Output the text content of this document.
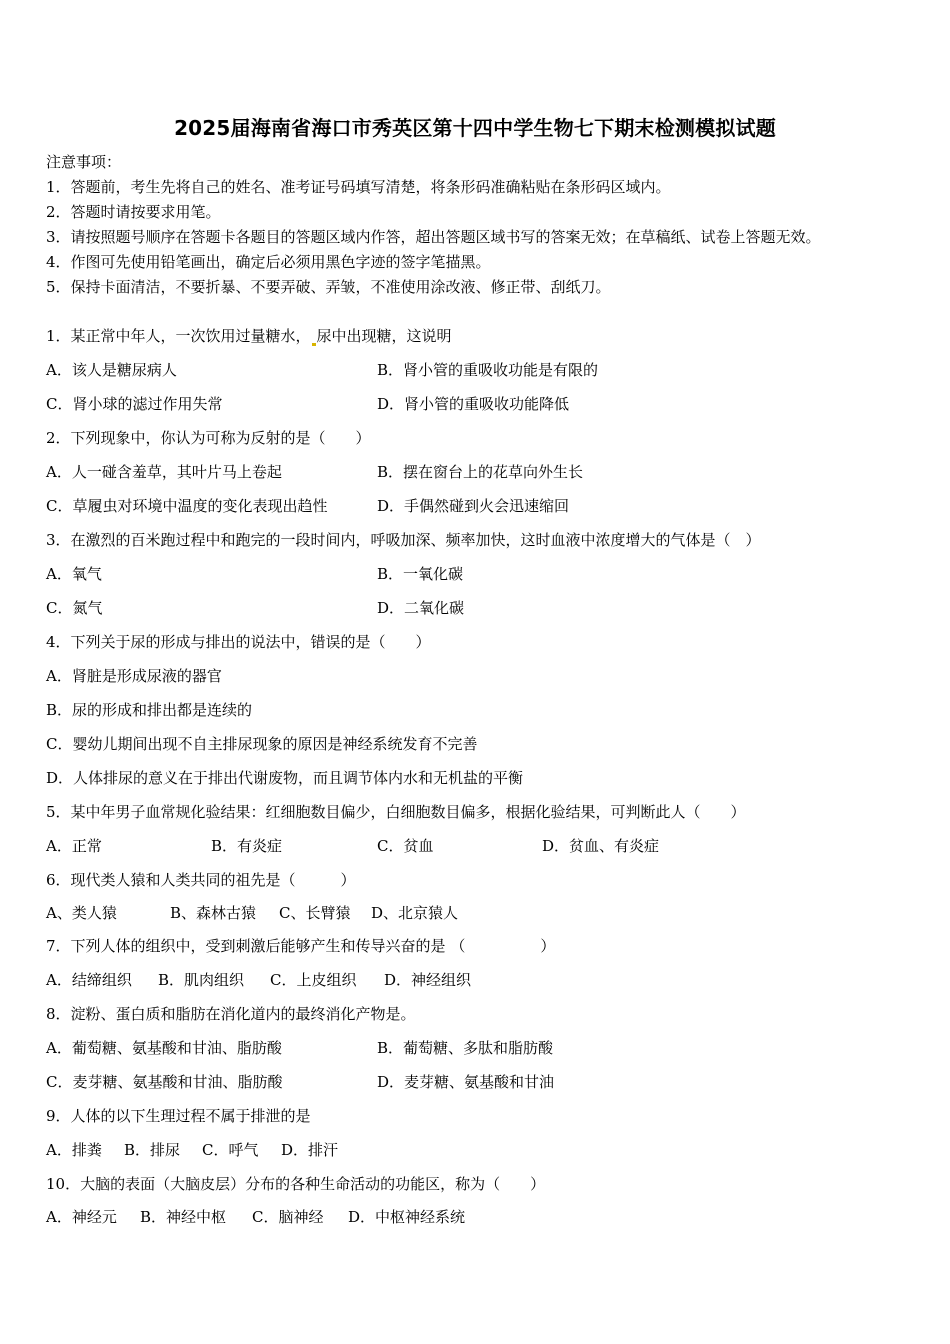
2025届海南省海口市秀英区第十四中学生物七下期末检测模拟试题
注意事项：
1．答题前，考生先将自己的姓名、准考证号码填写清楚，将条形码准确粘贴在条形码区域内。
2．答题时请按要求用笔。
3．请按照题号顺序在答题卡各题目的答题区域内作答，超出答题区域书写的答案无效；在草稿纸、试卷上答题无效。
4．作图可先使用铅笔画出，确定后必须用黑色字迹的签字笔描黑。
5．保持卡面清洁，不要折暴、不要弄破、弄皱，不准使用涂改液、修正带、刮纸刀。
1．某正常中年人，一次饮用过量糖水， 尿中出现糖，这说明
A．该人是糖尿病人	B．肾小管的重吸收功能是有限的
C．肾小球的滤过作用失常	D．肾小管的重吸收功能降低
2．下列现象中，你认为可称为反射的是（　　）
A．人一碰含羞草，其叶片马上卷起	B．摆在窗台上的花草向外生长
C．草履虫对环境中温度的变化表现出趋性	D．手偶然碰到火会迅速缩回
3．在激烈的百米跑过程中和跑完的一段时间内，呼吸加深、频率加快，这时血液中浓度增大的气体是（　）
A．氧气	B．一氧化碳
C．氮气	D．二氧化碳
4．下列关于尿的形成与排出的说法中，错误的是（　　）
A．肾脏是形成尿液的器官
B．尿的形成和排出都是连续的
C．婴幼儿期间出现不自主排尿现象的原因是神经系统发育不完善
D．人体排尿的意义在于排出代谢废物，而且调节体内水和无机盐的平衡
5．某中年男子血常规化验结果：红细胞数目偏少，白细胞数目偏多，根据化验结果，可判断此人（　　）
A．正常	B．有炎症	C．贫血	D．贫血、有炎症
6．现代类人猿和人类共同的祖先是（　　　）
A、类人猿	B、森林古猿 C、长臂猿 D、北京猿人
7．下列人体的组织中，受到刺激后能够产生和传导兴奋的是 （　　　　　）
A．结缔组织 B．肌肉组织 C．上皮组织 D．神经组织
8．淀粉、蛋白质和脂肪在消化道内的最终消化产物是。
A．葡萄糖、氨基酸和甘油、脂肪酸	B．葡萄糖、多肽和脂肪酸
C．麦芽糖、氨基酸和甘油、脂肪酸	D．麦芽糖、氨基酸和甘油
9．人体的以下生理过程不属于排泄的是
A．排粪 B．排尿 C．呼气 D．排汗
10．大脑的表面（大脑皮层）分布的各种生命活动的功能区，称为（　　）
A．神经元 B．神经中枢 C．脑神经 D．中枢神经系统
